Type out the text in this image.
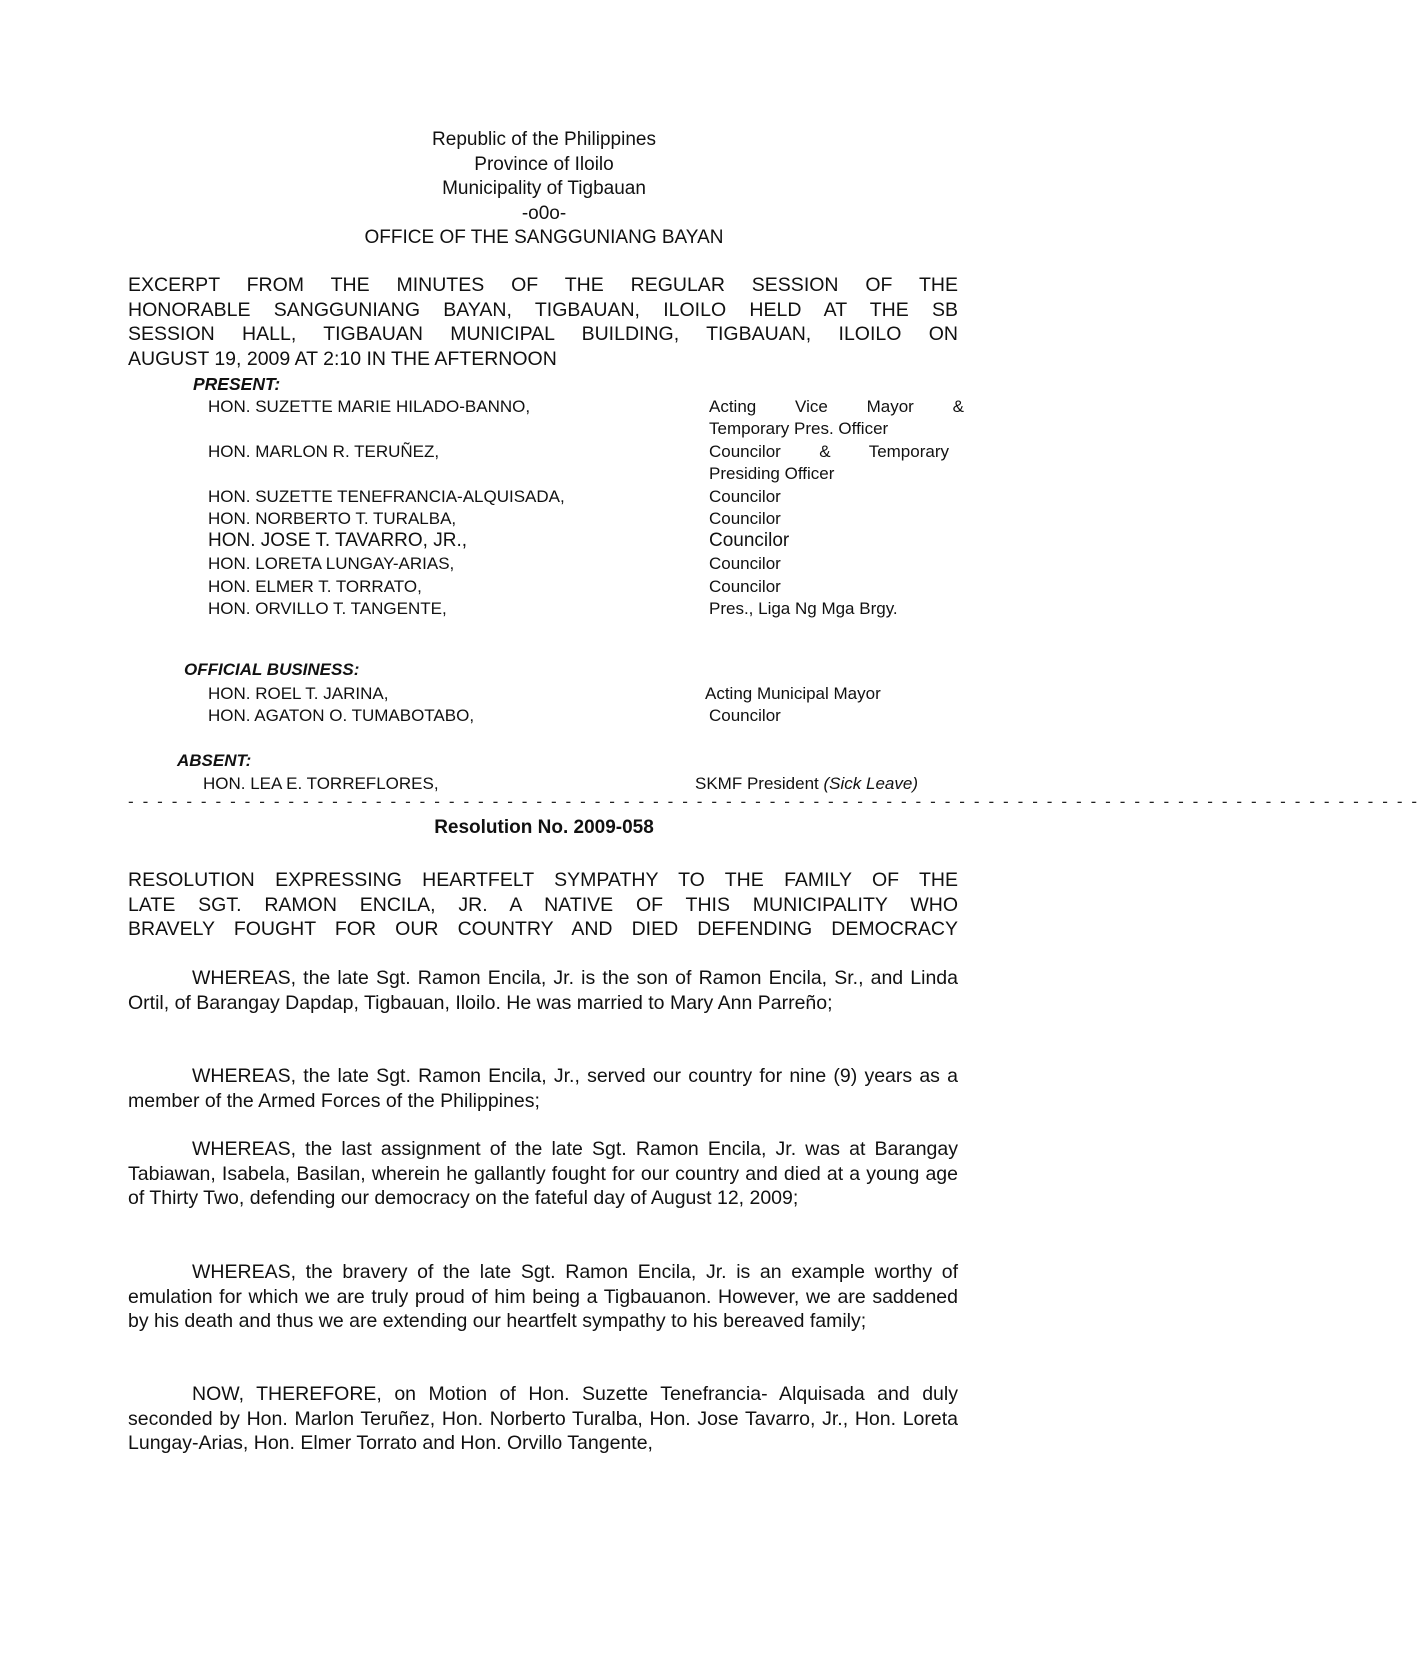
Republic of the Philippines
Province of Iloilo
Municipality of Tigbauan
-o0o-
OFFICE OF THE SANGGUNIANG BAYAN
EXCERPT FROM THE MINUTES OF THE REGULAR SESSION OF THE
HONORABLE SANGGUNIANG BAYAN, TIGBAUAN, ILOILO HELD AT THE SB
SESSION HALL, TIGBAUAN MUNICIPAL BUILDING, TIGBAUAN, ILOILO ON
AUGUST 19, 2009 AT 2:10 IN THE AFTERNOON
PRESENT:
HON. SUZETTE MARIE HILADO-BANNO,	Acting Vice Mayor &
Temporary Pres. Officer
HON. MARLON R. TERUÑEZ,	Councilor & Temporary
Presiding Officer
HON. SUZETTE TENEFRANCIA-ALQUISADA,	Councilor
HON. NORBERTO T. TURALBA,	Councilor
HON. JOSE T. TAVARRO, JR.,	Councilor
HON. LORETA LUNGAY-ARIAS,	Councilor
HON. ELMER T. TORRATO,	Councilor
HON. ORVILLO T. TANGENTE,	Pres., Liga Ng Mga Brgy.
OFFICIAL BUSINESS:
HON. ROEL T. JARINA,	Acting Municipal Mayor
HON. AGATON O. TUMABOTABO,	Councilor
ABSENT:
HON. LEA E. TORREFLORES,	SKMF President (Sick Leave)
- - - - - - - - - - - - - - - - - - - - - - - - - - - - - - - - - - - - - - - - - - - - - - - - - - - - - - - - - - - - - - - - - - - - - - - - - - - - - - - - - - - - - - - - -
Resolution No. 2009-058
RESOLUTION EXPRESSING HEARTFELT SYMPATHY TO THE FAMILY OF THE
LATE SGT. RAMON ENCILA, JR. A NATIVE OF THIS MUNICIPALITY WHO
BRAVELY FOUGHT FOR OUR COUNTRY AND DIED DEFENDING DEMOCRACY
WHEREAS, the late Sgt. Ramon Encila, Jr. is the son of Ramon Encila, Sr., and Linda Ortil, of Barangay Dapdap, Tigbauan, Iloilo. He was married to Mary Ann Parreño;
WHEREAS, the late Sgt. Ramon Encila, Jr., served our country for nine (9) years as a member of the Armed Forces of the Philippines;
WHEREAS, the last assignment of the late Sgt. Ramon Encila, Jr. was at Barangay Tabiawan, Isabela, Basilan, wherein he gallantly fought for our country and died at a young age of Thirty Two, defending our democracy on the fateful day of August 12, 2009;
WHEREAS, the bravery of the late Sgt. Ramon Encila, Jr. is an example worthy of emulation for which we are truly proud of him being a Tigbauanon. However, we are saddened by his death and thus we are extending our heartfelt sympathy to his bereaved family;
NOW, THEREFORE, on Motion of Hon. Suzette Tenefrancia- Alquisada and duly seconded by Hon. Marlon Teruñez, Hon. Norberto Turalba, Hon. Jose Tavarro, Jr., Hon. Loreta Lungay-Arias, Hon. Elmer Torrato and Hon. Orvillo Tangente,
